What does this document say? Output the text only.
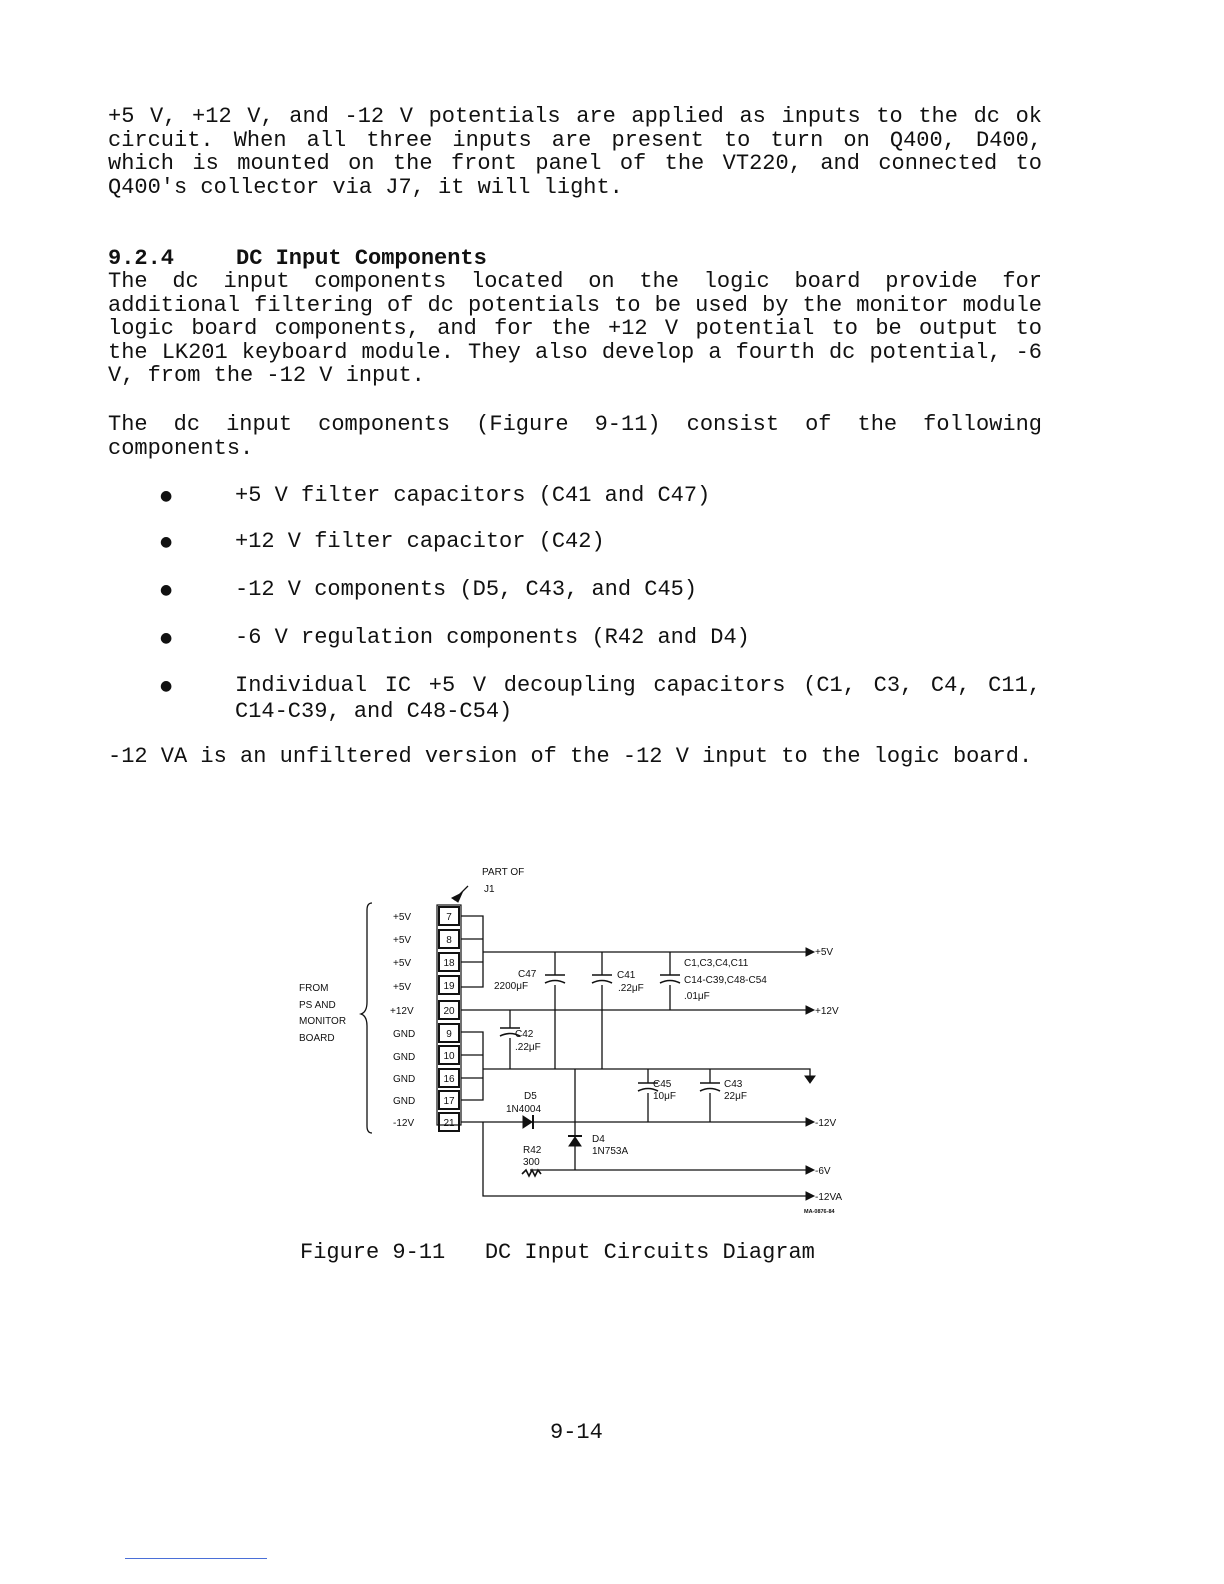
+5 V, +12 V, and -12 V potentials are applied as inputs to the dc ok circuit. When all three inputs are present to turn on Q400, D400, which is mounted on the front panel of the VT220, and connected to Q400's collector via J7, it will light.

9.2.4	DC Input Components

The dc input components located on the logic board provide for additional filtering of dc potentials to be used by the monitor module logic board components, and for the +12 V potential to be output to the LK201 keyboard module. They also develop a fourth dc potential, -6 V, from the -12 V input.

The dc input components (Figure 9-11) consist of the following components.

●	+5 V filter capacitors (C41 and C47)
●	+12 V filter capacitor (C42)
●	-12 V components (D5, C43, and C45)
●	-6 V regulation components (R42 and D4)
●	Individual IC +5 V decoupling capacitors (C1, C3, C4, C11, C14-C39, and C48-C54)

-12 VA is an unfiltered version of the -12 V input to the logic board.

PART OF
J1
FROM
PS AND
MONITOR
BOARD
+5V
+5V
+5V
+5V
+12V
GND
GND
GND
GND
-12V
7
8
18
19
20
9
10
16
17
21
C47
2200μF
C41
.22μF
C1,C3,C4,C11
C14-C39,C48-C54
.01μF
C42
.22μF
C45
10μF
C43
22μF
D5
1N4004
D4
1N753A
R42
300
+5V
+12V
-12V
-6V
-12VA
MA-0876-84
Figure 9-11   DC Input Circuits Diagram
9-14
